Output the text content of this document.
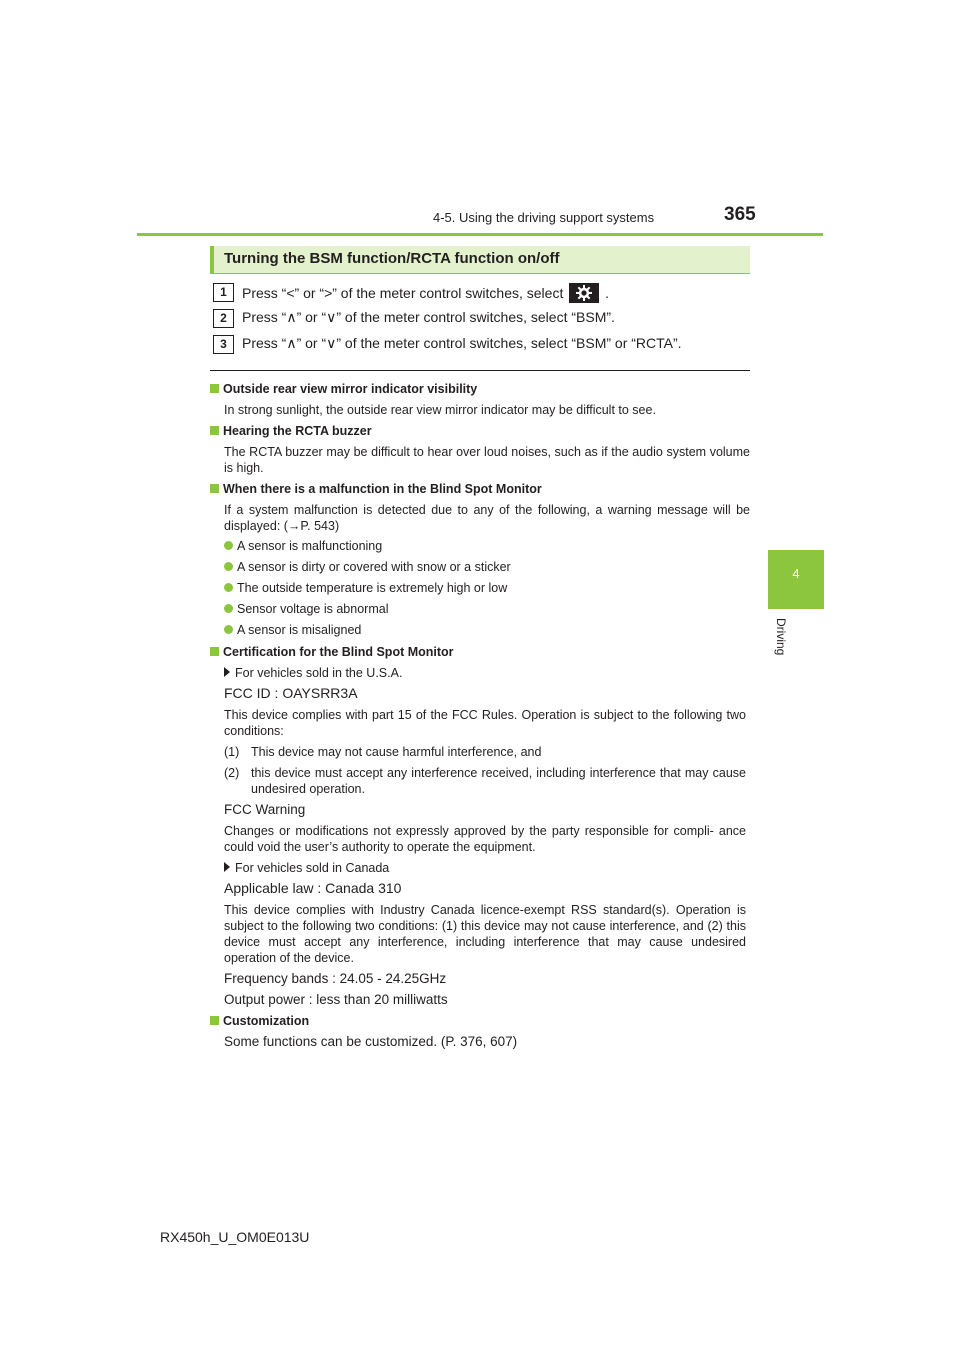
4-5. Using the driving support systems	365
4
Driving
Turning the BSM function/RCTA function on/off
1	Press “<” or “>” of the meter control switches, select	.
2	Press “∧” or “∨” of the meter control switches, select “BSM”.
3	Press “∧” or “∨” of the meter control switches, select “BSM” or “RCTA”.
Outside rear view mirror indicator visibility
In strong sunlight, the outside rear view mirror indicator may be difficult to see.
Hearing the RCTA buzzer
The RCTA buzzer may be difficult to hear over loud noises, such as if the audio system volume is high.
When there is a malfunction in the Blind Spot Monitor
If a system malfunction is detected due to any of the following, a warning message will be displayed: (→P. 543)
A sensor is malfunctioning
A sensor is dirty or covered with snow or a sticker
The outside temperature is extremely high or low
Sensor voltage is abnormal
A sensor is misaligned
Certification for the Blind Spot Monitor
For vehicles sold in the U.S.A.
FCC ID : OAYSRR3A
This device complies with part 15 of the FCC Rules. Operation is subject to the following two conditions:
(1) This device may not cause harmful interference, and
(2) this device must accept any interference received, including interference that may cause undesired operation.
FCC Warning
Changes or modifications not expressly approved by the party responsible for compli- ance could void the user’s authority to operate the equipment.
For vehicles sold in Canada
Applicable law : Canada 310
This device complies with Industry Canada licence-exempt RSS standard(s). Operation is subject to the following two conditions: (1) this device may not cause interference, and (2) this device must accept any interference, including interference that may cause undesired operation of the device.
Frequency bands : 24.05 - 24.25GHz
Output power : less than 20 milliwatts
Customization
Some functions can be customized. (P. 376, 607)
RX450h_U_OM0E013U
